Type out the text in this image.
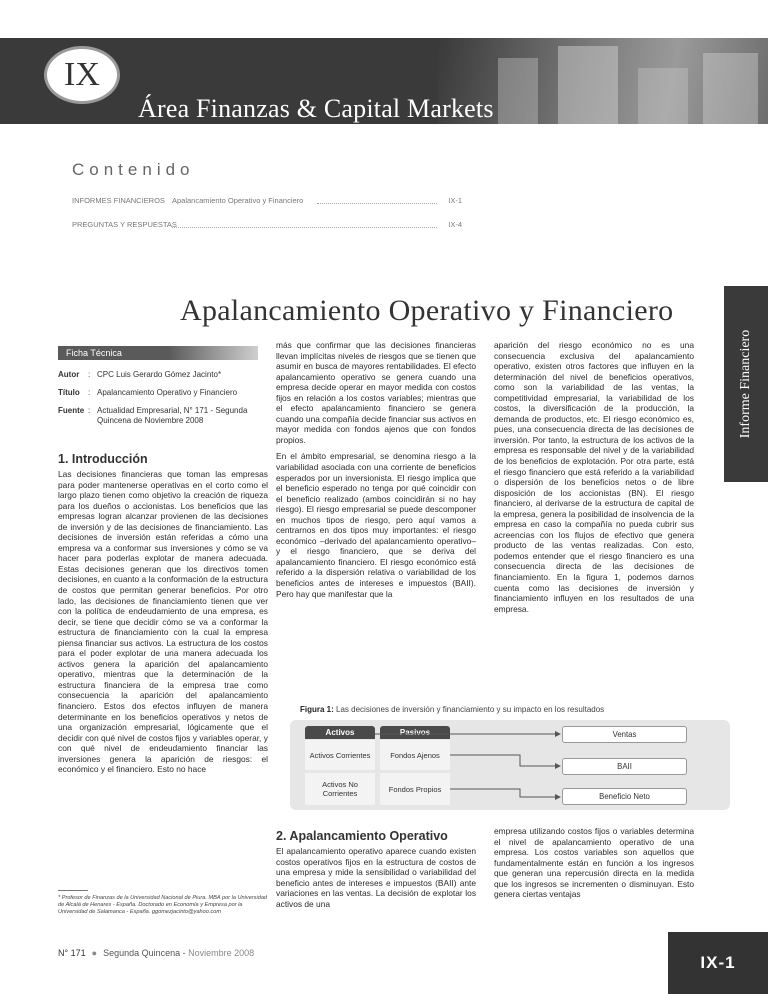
Área Finanzas & Capital Markets
IX
Contenido
INFORMES FINANCIEROS Apalancamiento Operativo y Financiero	IX-1
PREGUNTAS Y RESPUESTAS	IX-4
Apalancamiento Operativo y Financiero
Informe Financiero
Ficha Técnica
Autor : CPC Luis Gerardo Gómez Jacinto*
Título : Apalancamiento Operativo y Financiero
Fuente : Actualidad Empresarial, N° 171 - Segunda Quincena de Noviembre 2008
1. Introducción
Las decisiones financieras que toman las empresas para poder mantenerse operativas en el corto como el largo plazo tienen como objetivo la creación de riqueza para los dueños o accionistas. Los beneficios que las empresas logran alcanzar provienen de las decisiones de inversión y de las decisiones de financiamiento. Las decisiones de inversión están referidas a cómo una empresa va a conformar sus inversiones y cómo se va hacer para poderlas explotar de manera adecuada. Estas decisiones generan que los directivos tomen decisiones, en cuanto a la conformación de la estructura de costos que permitan generar beneficios. Por otro lado, las decisiones de financiamiento tienen que ver con la política de endeudamiento de una empresa, es decir, se tiene que decidir cómo se va a conformar la estructura de financiamiento con la cual la empresa piensa financiar sus activos. La estructura de los costos para el poder explotar de una manera adecuada los activos genera la aparición del apalancamiento operativo, mientras que la determinación de la estructura financiera de la empresa trae como consecuencia la aparición del apalancamiento financiero. Estos dos efectos influyen de manera determinante en los beneficios operativos y netos de una organización empresarial, lógicamente que el decidir con qué nivel de costos fijos y variables operar, y con qué nivel de endeudamiento financiar las inversiones genera la aparición de riesgos: el económico y el financiero. Esto no hace
* Profesor de Finanzas de la Universidad Nacional de Piura. MBA por la Universidad de Alcalá de Henares - España. Doctorado en Economía y Empresa por la Universidad de Salamanca - España. ggomezjacinto@yahoo.com

más que confirmar que las decisiones financieras llevan implícitas niveles de riesgos que se tienen que asumir en busca de mayores rentabilidades. El efecto apalancamiento operativo se genera cuando una empresa decide operar en mayor medida con costos fijos en relación a los costos variables; mientras que el efecto apalancamiento financiero se genera cuando una compañía decide financiar sus activos en mayor medida con fondos ajenos que con fondos propios.

En el ámbito empresarial, se denomina riesgo a la variabilidad asociada con una corriente de beneficios esperados por un inversionista. El riesgo implica que el beneficio esperado no tenga por qué coincidir con el beneficio realizado (ambos coincidirán si no hay riesgo). El riesgo empresarial se puede descomponer en muchos tipos de riesgo, pero aquí vamos a centrarnos en dos tipos muy importantes: el riesgo económico –derivado del apalancamiento operativo– y el riesgo financiero, que se deriva del apalancamiento financiero. El riesgo económico está referido a la dispersión relativa o variabilidad de los beneficios antes de intereses e impuestos (BAII). Pero hay que manifestar que la

aparición del riesgo económico no es una consecuencia exclusiva del apalancamiento operativo, existen otros factores que influyen en la determinación del nivel de beneficios operativos, como son la variabilidad de las ventas, la competitividad empresarial, la variabilidad de los costos, la diversificación de la producción, la demanda de productos, etc. El riesgo económico es, pues, una consecuencia directa de las decisiones de inversión. Por tanto, la estructura de los activos de la empresa es responsable del nivel y de la variabilidad de los beneficios de explotación. Por otra parte, está el riesgo financiero que está referido a la variabilidad o dispersión de los beneficios netos o de libre disposición de los accionistas (BN). El riesgo financiero, al derivarse de la estructura de capital de la empresa, genera la posibilidad de insolvencia de la empresa en caso la compañía no pueda cubrir sus acreencias con los flujos de efectivo que genera producto de las ventas realizadas. Con esto, podemos entender que el riesgo financiero es una consecuencia directa de las decisiones de financiamiento. En la figura 1, podemos darnos cuenta como las decisiones de inversión y financiamiento influyen en los resultados de una empresa.
Figura 1: Las decisiones de inversión y financiamiento y su impacto en los resultados
Activos	Pasivos
Activos Corrientes	Fondos Ajenos
Activos No Corrientes	Fondos Propios
Ventas
BAII
Beneficio Neto
2. Apalancamiento Operativo
El apalancamiento operativo aparece cuando existen costos operativos fijos en la estructura de costos de una empresa y mide la sensibilidad o variabilidad del beneficio antes de intereses e impuestos (BAII) ante variaciones en las ventas. La decisión de explotar los activos de una
empresa utilizando costos fijos o variables determina el nivel de apalancamiento operativo de una empresa. Los costos variables son aquellos que fundamentalmente están en función a los ingresos que generan una repercusión directa en la medida que los ingresos se incrementen o disminuyan. Esto genera ciertas ventajas
N° 171 ● Segunda Quincena - Noviembre 2008	IX-1
